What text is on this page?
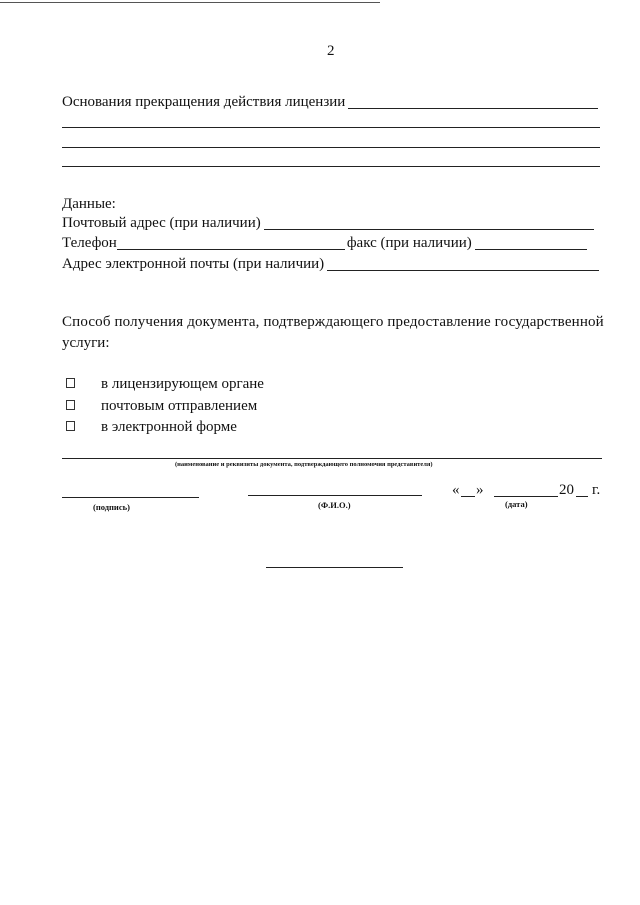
2
Основания прекращения действия лицензии
Данные:
Почтовый адрес (при наличии)
Телефон	факс (при наличии)
Адрес электронной почты (при наличии)
Способ получения документа, подтверждающего предоставление государственной
услуги:
в лицензирующем органе
почтовым отправлением
в электронной форме
(наименование и реквизиты документа, подтверждающего полномочия представителя)
(подпись)	(Ф.И.О.)
« »	20 г.
(дата)
